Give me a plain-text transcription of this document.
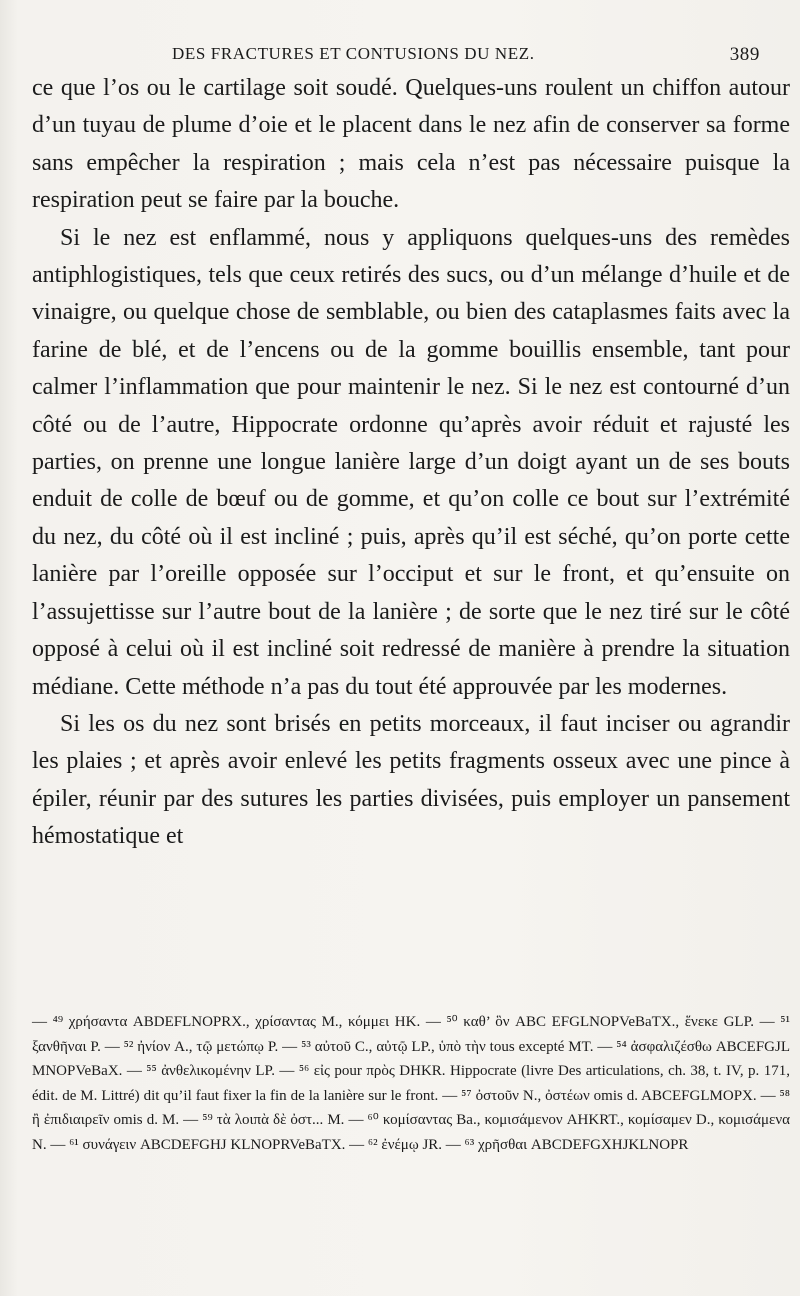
DES FRACTURES ET CONTUSIONS DU NEZ.	389

ce que l’os ou le cartilage soit soudé. Quelques-uns roulent un chiffon autour d’un tuyau de plume d’oie et le placent dans le nez afin de conserver sa forme sans empêcher la respiration ; mais cela n’est pas nécessaire puisque la respiration peut se faire par la bouche.

Si le nez est enflammé, nous y appliquons quelques-uns des remèdes antiphlogistiques, tels que ceux retirés des sucs, ou d’un mélange d’huile et de vinaigre, ou quelque chose de semblable, ou bien des cataplasmes faits avec la farine de blé, et de l’encens ou de la gomme bouillis ensemble, tant pour calmer l’inflammation que pour maintenir le nez. Si le nez est contourné d’un côté ou de l’autre, Hippocrate ordonne qu’après avoir réduit et rajusté les parties, on prenne une longue lanière large d’un doigt ayant un de ses bouts enduit de colle de bœuf ou de gomme, et qu’on colle ce bout sur l’extrémité du nez, du côté où il est incliné ; puis, après qu’il est séché, qu’on porte cette lanière par l’oreille opposée sur l’occiput et sur le front, et qu’ensuite on l’assujettisse sur l’autre bout de la lanière ; de sorte que le nez tiré sur le côté opposé à celui où il est incliné soit redressé de manière à prendre la situation médiane. Cette méthode n’a pas du tout été approuvée par les modernes.

Si les os du nez sont brisés en petits morceaux, il faut inciser ou agrandir les plaies ; et après avoir enlevé les petits fragments osseux avec une pince à épiler, réunir par des sutures les parties divisées, puis employer un pansement hémostatique et

— ⁴⁹ χρήσαντα ABDEFLNOPRX., χρίσαντας M., κόμμει HK. — ⁵⁰ καθ’ ὃν ABC EFGLNOPVeBaTX., ἕνεκε GLP. — ⁵¹ ξανθῆναι P. — ⁵² ἠνίον A., τῷ μετώπῳ P. — ⁵³ αὐτοῦ C., αὐτῷ LP., ὑπὸ τὴν tous excepté MT. — ⁵⁴ ἀσφαλιζέσθω ABCEFGJL MNOPVeBaX. — ⁵⁵ ἀνθελικομένην LP. — ⁵⁶ εἰς pour πρὸς DHKR. Hippocrate (livre Des articulations, ch. 38, t. IV, p. 171, édit. de M. Littré) dit qu’il faut fixer la fin de la lanière sur le front. — ⁵⁷ ὀστοῦν N., ὀστέων omis d. ABCEFGLMOPX. — ⁵⁸ ἢ ἐπιδιαιρεῖν omis d. M. — ⁵⁹ τὰ λοιπὰ δὲ ὀστ... M. — ⁶⁰ κομίσαντας Ba., κομισάμενον AHKRT., κομίσαμεν D., κομισάμενα N. — ⁶¹ συνάγειν ABCDEFGHJ KLNOPRVeBaTX. — ⁶² ἐνέμῳ JR. — ⁶³ χρῆσθαι ABCDEFGXHJKLNOPR
